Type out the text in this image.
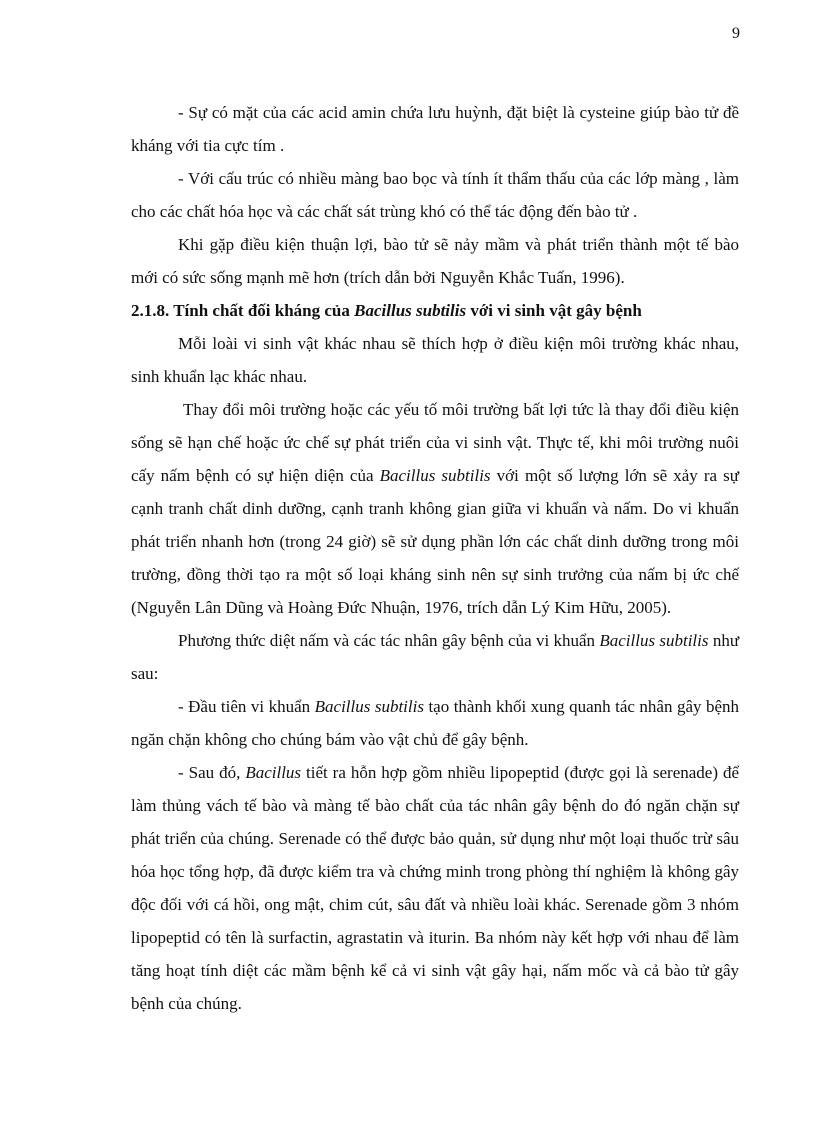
9

- Sự có mặt của các acid amin chứa lưu huỳnh, đặt biệt là cysteine giúp bào tử đề kháng với tia cực tím .

- Với cấu trúc có nhiều màng bao bọc và tính ít thẩm thấu của các lớp màng , làm cho các chất hóa học và các chất sát trùng khó có thể tác động đến bào tử .

Khi gặp điều kiện thuận lợi, bào tử sẽ nảy mầm và phát triển thành một tế bào mới có sức sống mạnh mẽ hơn (trích dẫn bởi Nguyễn Khắc Tuấn, 1996).

2.1.8. Tính chất đối kháng của Bacillus subtilis với vi sinh vật gây bệnh

Mỗi loài vi sinh vật khác nhau sẽ thích hợp ở điều kiện môi trường khác nhau, sinh khuẩn lạc khác nhau.

Thay đổi môi trường hoặc các yếu tố môi trường bất lợi tức là thay đổi điều kiện sống sẽ hạn chế hoặc ức chế sự phát triển của vi sinh vật. Thực tế, khi môi trường nuôi cấy nấm bệnh có sự hiện diện của Bacillus subtilis với một số lượng lớn sẽ xảy ra sự cạnh tranh chất dinh dưỡng, cạnh tranh không gian giữa vi khuẩn và nấm. Do vi khuẩn phát triển nhanh hơn (trong 24 giờ) sẽ sử dụng phần lớn các chất dinh dưỡng trong môi trường, đồng thời tạo ra một số loại kháng sinh nên sự sinh trưởng của nấm bị ức chế (Nguyễn Lân Dũng và Hoàng Đức Nhuận, 1976, trích dẫn Lý Kim Hữu, 2005).

Phương thức diệt nấm và các tác nhân gây bệnh của vi khuẩn Bacillus subtilis như sau:

- Đầu tiên vi khuẩn Bacillus subtilis tạo thành khối xung quanh tác nhân gây bệnh ngăn chặn không cho chúng bám vào vật chủ để gây bệnh.

- Sau đó, Bacillus tiết ra hỗn hợp gồm nhiều lipopeptid (được gọi là serenade) để làm thủng vách tế bào và màng tế bào chất của tác nhân gây bệnh do đó ngăn chặn sự phát triển của chúng. Serenade có thể được bảo quản, sử dụng như một loại thuốc trừ sâu hóa học tổng hợp, đã được kiểm tra và chứng minh trong phòng thí nghiệm là không gây độc đối với cá hồi, ong mật, chim cút, sâu đất và nhiều loài khác. Serenade gồm 3 nhóm lipopeptid có tên là surfactin, agrastatin và iturin. Ba nhóm này kết hợp với nhau để làm tăng hoạt tính diệt các mầm bệnh kể cả vi sinh vật gây hại, nấm mốc và cả bào tử gây bệnh của chúng.
